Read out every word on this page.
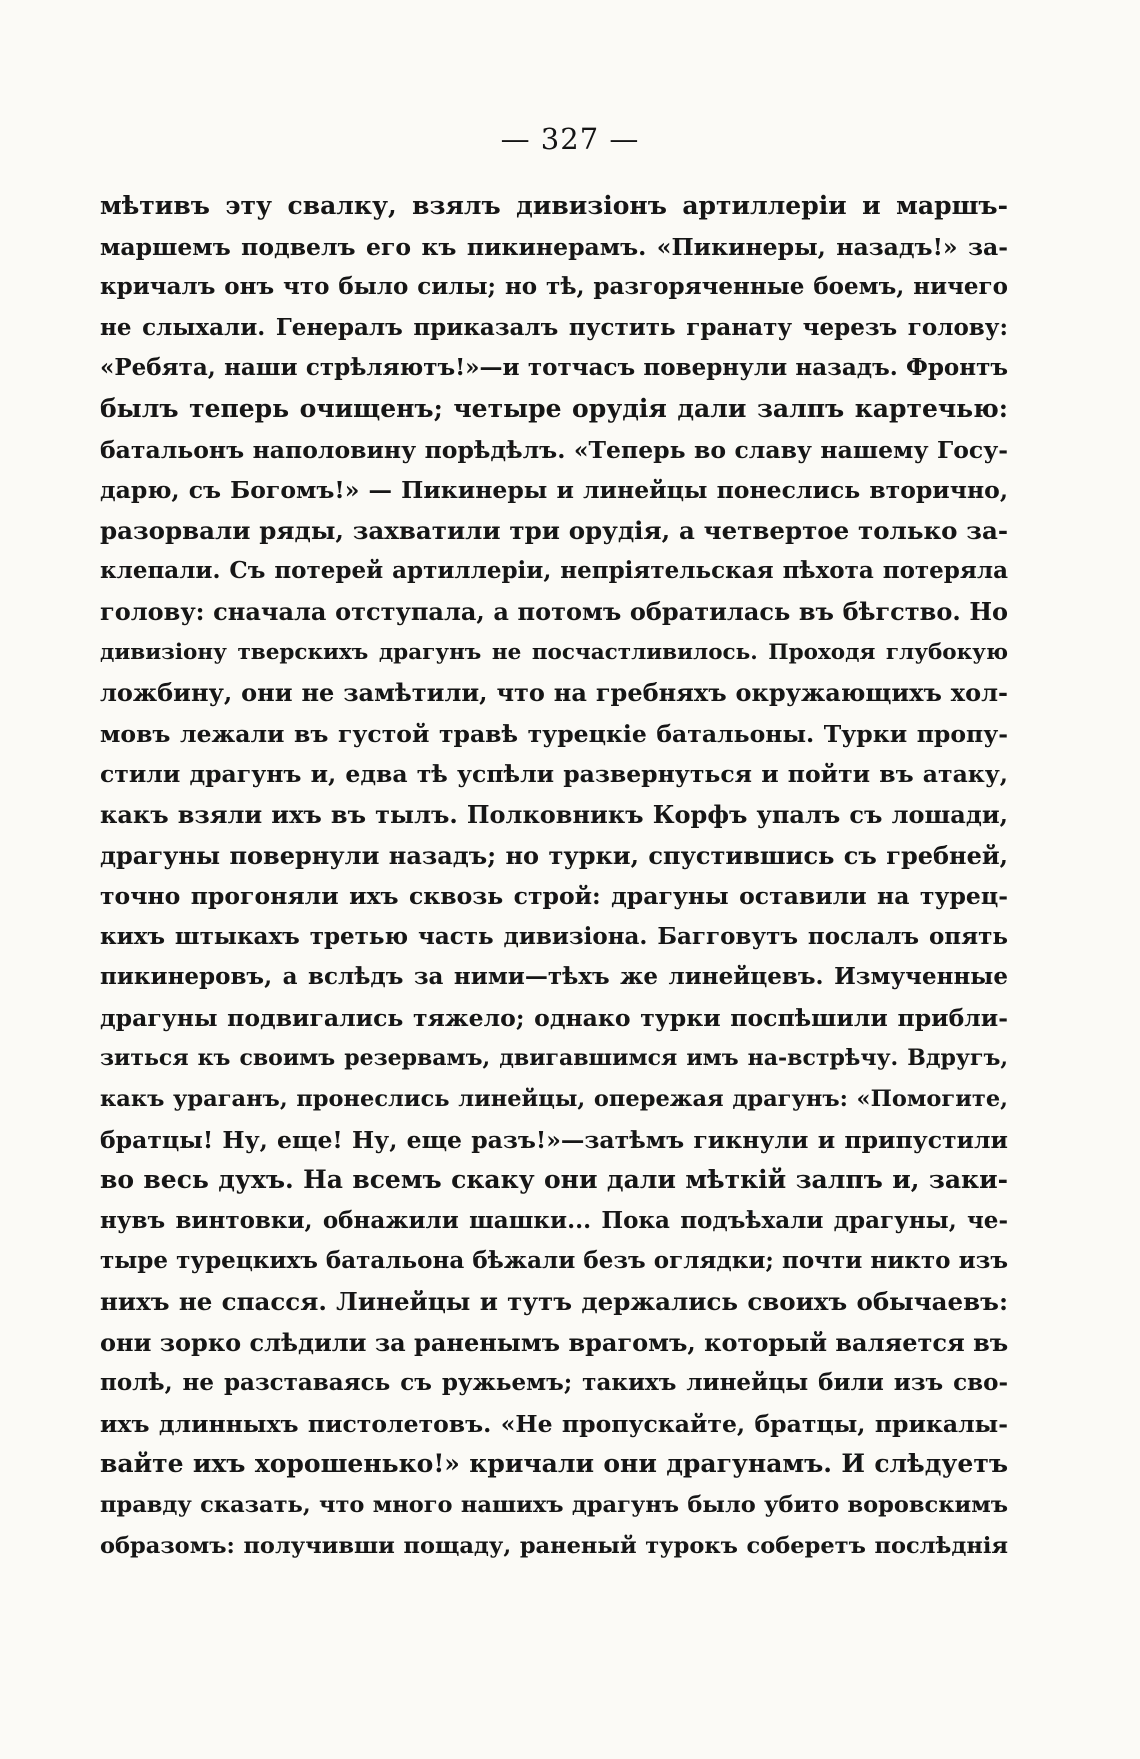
— 327 —
мѣтивъ эту свалку, взялъ дивизіонъ артиллеріи и маршъ-
маршемъ подвелъ его къ пикинерамъ. «Пикинеры, назадъ!» за-
кричалъ онъ что было силы; но тѣ, разгоряченные боемъ, ничего
не слыхали. Генералъ приказалъ пустить гранату черезъ голову:
«Ребята, наши стрѣляютъ!»—и тотчасъ повернули назадъ. Фронтъ
былъ теперь очищенъ; четыре орудія дали залпъ картечью:
батальонъ наполовину порѣдѣлъ. «Теперь во славу нашему Госу-
дарю, съ Богомъ!» — Пикинеры и линейцы понеслись вторично,
разорвали ряды, захватили три орудія, а четвертое только за-
клепали. Съ потерей артиллеріи, непріятельская пѣхота потеряла
голову: сначала отступала, а потомъ обратилась въ бѣгство. Но
дивизіону тверскихъ драгунъ не посчастливилось. Проходя глубокую
ложбину, они не замѣтили, что на гребняхъ окружающихъ хол-
мовъ лежали въ густой травѣ турецкіе батальоны. Турки пропу-
стили драгунъ и, едва тѣ успѣли развернуться и пойти въ атаку,
какъ взяли ихъ въ тылъ. Полковникъ Корфъ упалъ съ лошади,
драгуны повернули назадъ; но турки, спустившись съ гребней,
точно прогоняли ихъ сквозь строй: драгуны оставили на турец-
кихъ штыкахъ третью часть дивизіона. Багговутъ послалъ опять
пикинеровъ, а вслѣдъ за ними—тѣхъ же линейцевъ. Измученные
драгуны подвигались тяжело; однако турки поспѣшили прибли-
зиться къ своимъ резервамъ, двигавшимся имъ на-встрѣчу. Вдругъ,
какъ ураганъ, пронеслись линейцы, опережая драгунъ: «Помогите,
братцы! Ну, еще! Ну, еще разъ!»—затѣмъ гикнули и припустили
во весь духъ. На всемъ скаку они дали мѣткій залпъ и, заки-
нувъ винтовки, обнажили шашки... Пока подъѣхали драгуны, че-
тыре турецкихъ батальона бѣжали безъ оглядки; почти никто изъ
нихъ не спасся. Линейцы и тутъ держались своихъ обычаевъ:
они зорко слѣдили за раненымъ врагомъ, который валяется въ
полѣ, не разставаясь съ ружьемъ; такихъ линейцы били изъ сво-
ихъ длинныхъ пистолетовъ. «Не пропускайте, братцы, прикалы-
вайте ихъ хорошенько!» кричали они драгунамъ. И слѣдуетъ
правду сказать, что много нашихъ драгунъ было убито воровскимъ
образомъ: получивши пощаду, раненый турокъ соберетъ послѣднія
